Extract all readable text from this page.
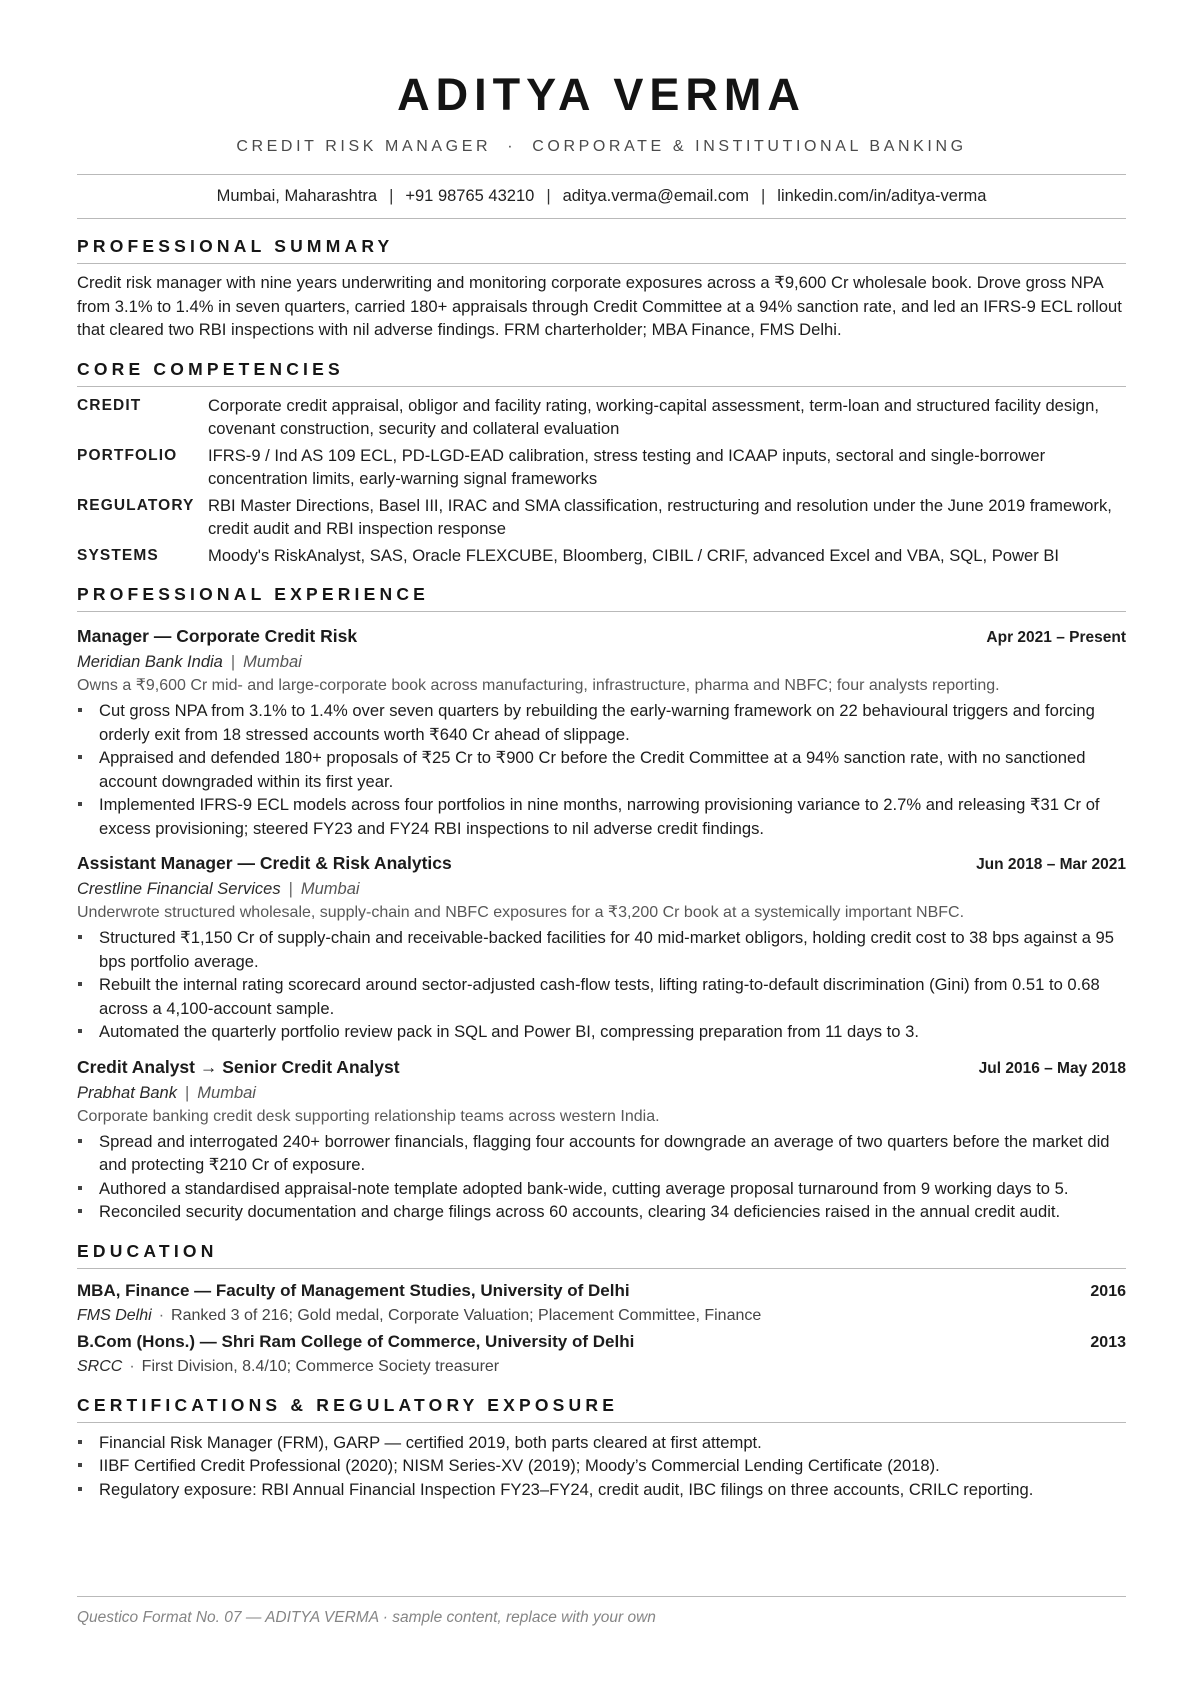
ADITYA VERMA
CREDIT RISK MANAGER  ·  CORPORATE & INSTITUTIONAL BANKING
Mumbai, Maharashtra | +91 98765 43210 | aditya.verma@email.com | linkedin.com/in/aditya-verma
PROFESSIONAL SUMMARY
Credit risk manager with nine years underwriting and monitoring corporate exposures across a ₹9,600 Cr wholesale book. Drove gross NPA from 3.1% to 1.4% in seven quarters, carried 180+ appraisals through Credit Committee at a 94% sanction rate, and led an IFRS-9 ECL rollout that cleared two RBI inspections with nil adverse findings. FRM charterholder; MBA Finance, FMS Delhi.
CORE COMPETENCIES
CREDIT	Corporate credit appraisal, obligor and facility rating, working-capital assessment, term-loan and structured facility design, covenant construction, security and collateral evaluation
PORTFOLIO	IFRS-9 / Ind AS 109 ECL, PD-LGD-EAD calibration, stress testing and ICAAP inputs, sectoral and single-borrower concentration limits, early-warning signal frameworks
REGULATORY RBI Master Directions, Basel III, IRAC and SMA classification, restructuring and resolution under the June 2019 framework, credit audit and RBI inspection response
SYSTEMS	Moody's RiskAnalyst, SAS, Oracle FLEXCUBE, Bloomberg, CIBIL / CRIF, advanced Excel and VBA, SQL, Power BI
PROFESSIONAL EXPERIENCE
Manager — Corporate Credit Risk	Apr 2021 – Present
Meridian Bank India | Mumbai
Owns a ₹9,600 Cr mid- and large-corporate book across manufacturing, infrastructure, pharma and NBFC; four analysts reporting.
Cut gross NPA from 3.1% to 1.4% over seven quarters by rebuilding the early-warning framework on 22 behavioural triggers and forcing orderly exit from 18 stressed accounts worth ₹640 Cr ahead of slippage.
Appraised and defended 180+ proposals of ₹25 Cr to ₹900 Cr before the Credit Committee at a 94% sanction rate, with no sanctioned account downgraded within its first year.
Implemented IFRS-9 ECL models across four portfolios in nine months, narrowing provisioning variance to 2.7% and releasing ₹31 Cr of excess provisioning; steered FY23 and FY24 RBI inspections to nil adverse credit findings.
Assistant Manager — Credit & Risk Analytics	Jun 2018 – Mar 2021
Crestline Financial Services | Mumbai
Underwrote structured wholesale, supply-chain and NBFC exposures for a ₹3,200 Cr book at a systemically important NBFC.
Structured ₹1,150 Cr of supply-chain and receivable-backed facilities for 40 mid-market obligors, holding credit cost to 38 bps against a 95 bps portfolio average.
Rebuilt the internal rating scorecard around sector-adjusted cash-flow tests, lifting rating-to-default discrimination (Gini) from 0.51 to 0.68 across a 4,100-account sample.
Automated the quarterly portfolio review pack in SQL and Power BI, compressing preparation from 11 days to 3.
Credit Analyst → Senior Credit Analyst	Jul 2016 – May 2018
Prabhat Bank | Mumbai
Corporate banking credit desk supporting relationship teams across western India.
Spread and interrogated 240+ borrower financials, flagging four accounts for downgrade an average of two quarters before the market did and protecting ₹210 Cr of exposure.
Authored a standardised appraisal-note template adopted bank-wide, cutting average proposal turnaround from 9 working days to 5.
Reconciled security documentation and charge filings across 60 accounts, clearing 34 deficiencies raised in the annual credit audit.
EDUCATION
MBA, Finance — Faculty of Management Studies, University of Delhi	2016
FMS Delhi · Ranked 3 of 216; Gold medal, Corporate Valuation; Placement Committee, Finance
B.Com (Hons.) — Shri Ram College of Commerce, University of Delhi	2013
SRCC · First Division, 8.4/10; Commerce Society treasurer
CERTIFICATIONS & REGULATORY EXPOSURE
Financial Risk Manager (FRM), GARP — certified 2019, both parts cleared at first attempt.
IIBF Certified Credit Professional (2020); NISM Series-XV (2019); Moody’s Commercial Lending Certificate (2018).
Regulatory exposure: RBI Annual Financial Inspection FY23–FY24, credit audit, IBC filings on three accounts, CRILC reporting.
Questico Format No. 07 — ADITYA VERMA · sample content, replace with your own
